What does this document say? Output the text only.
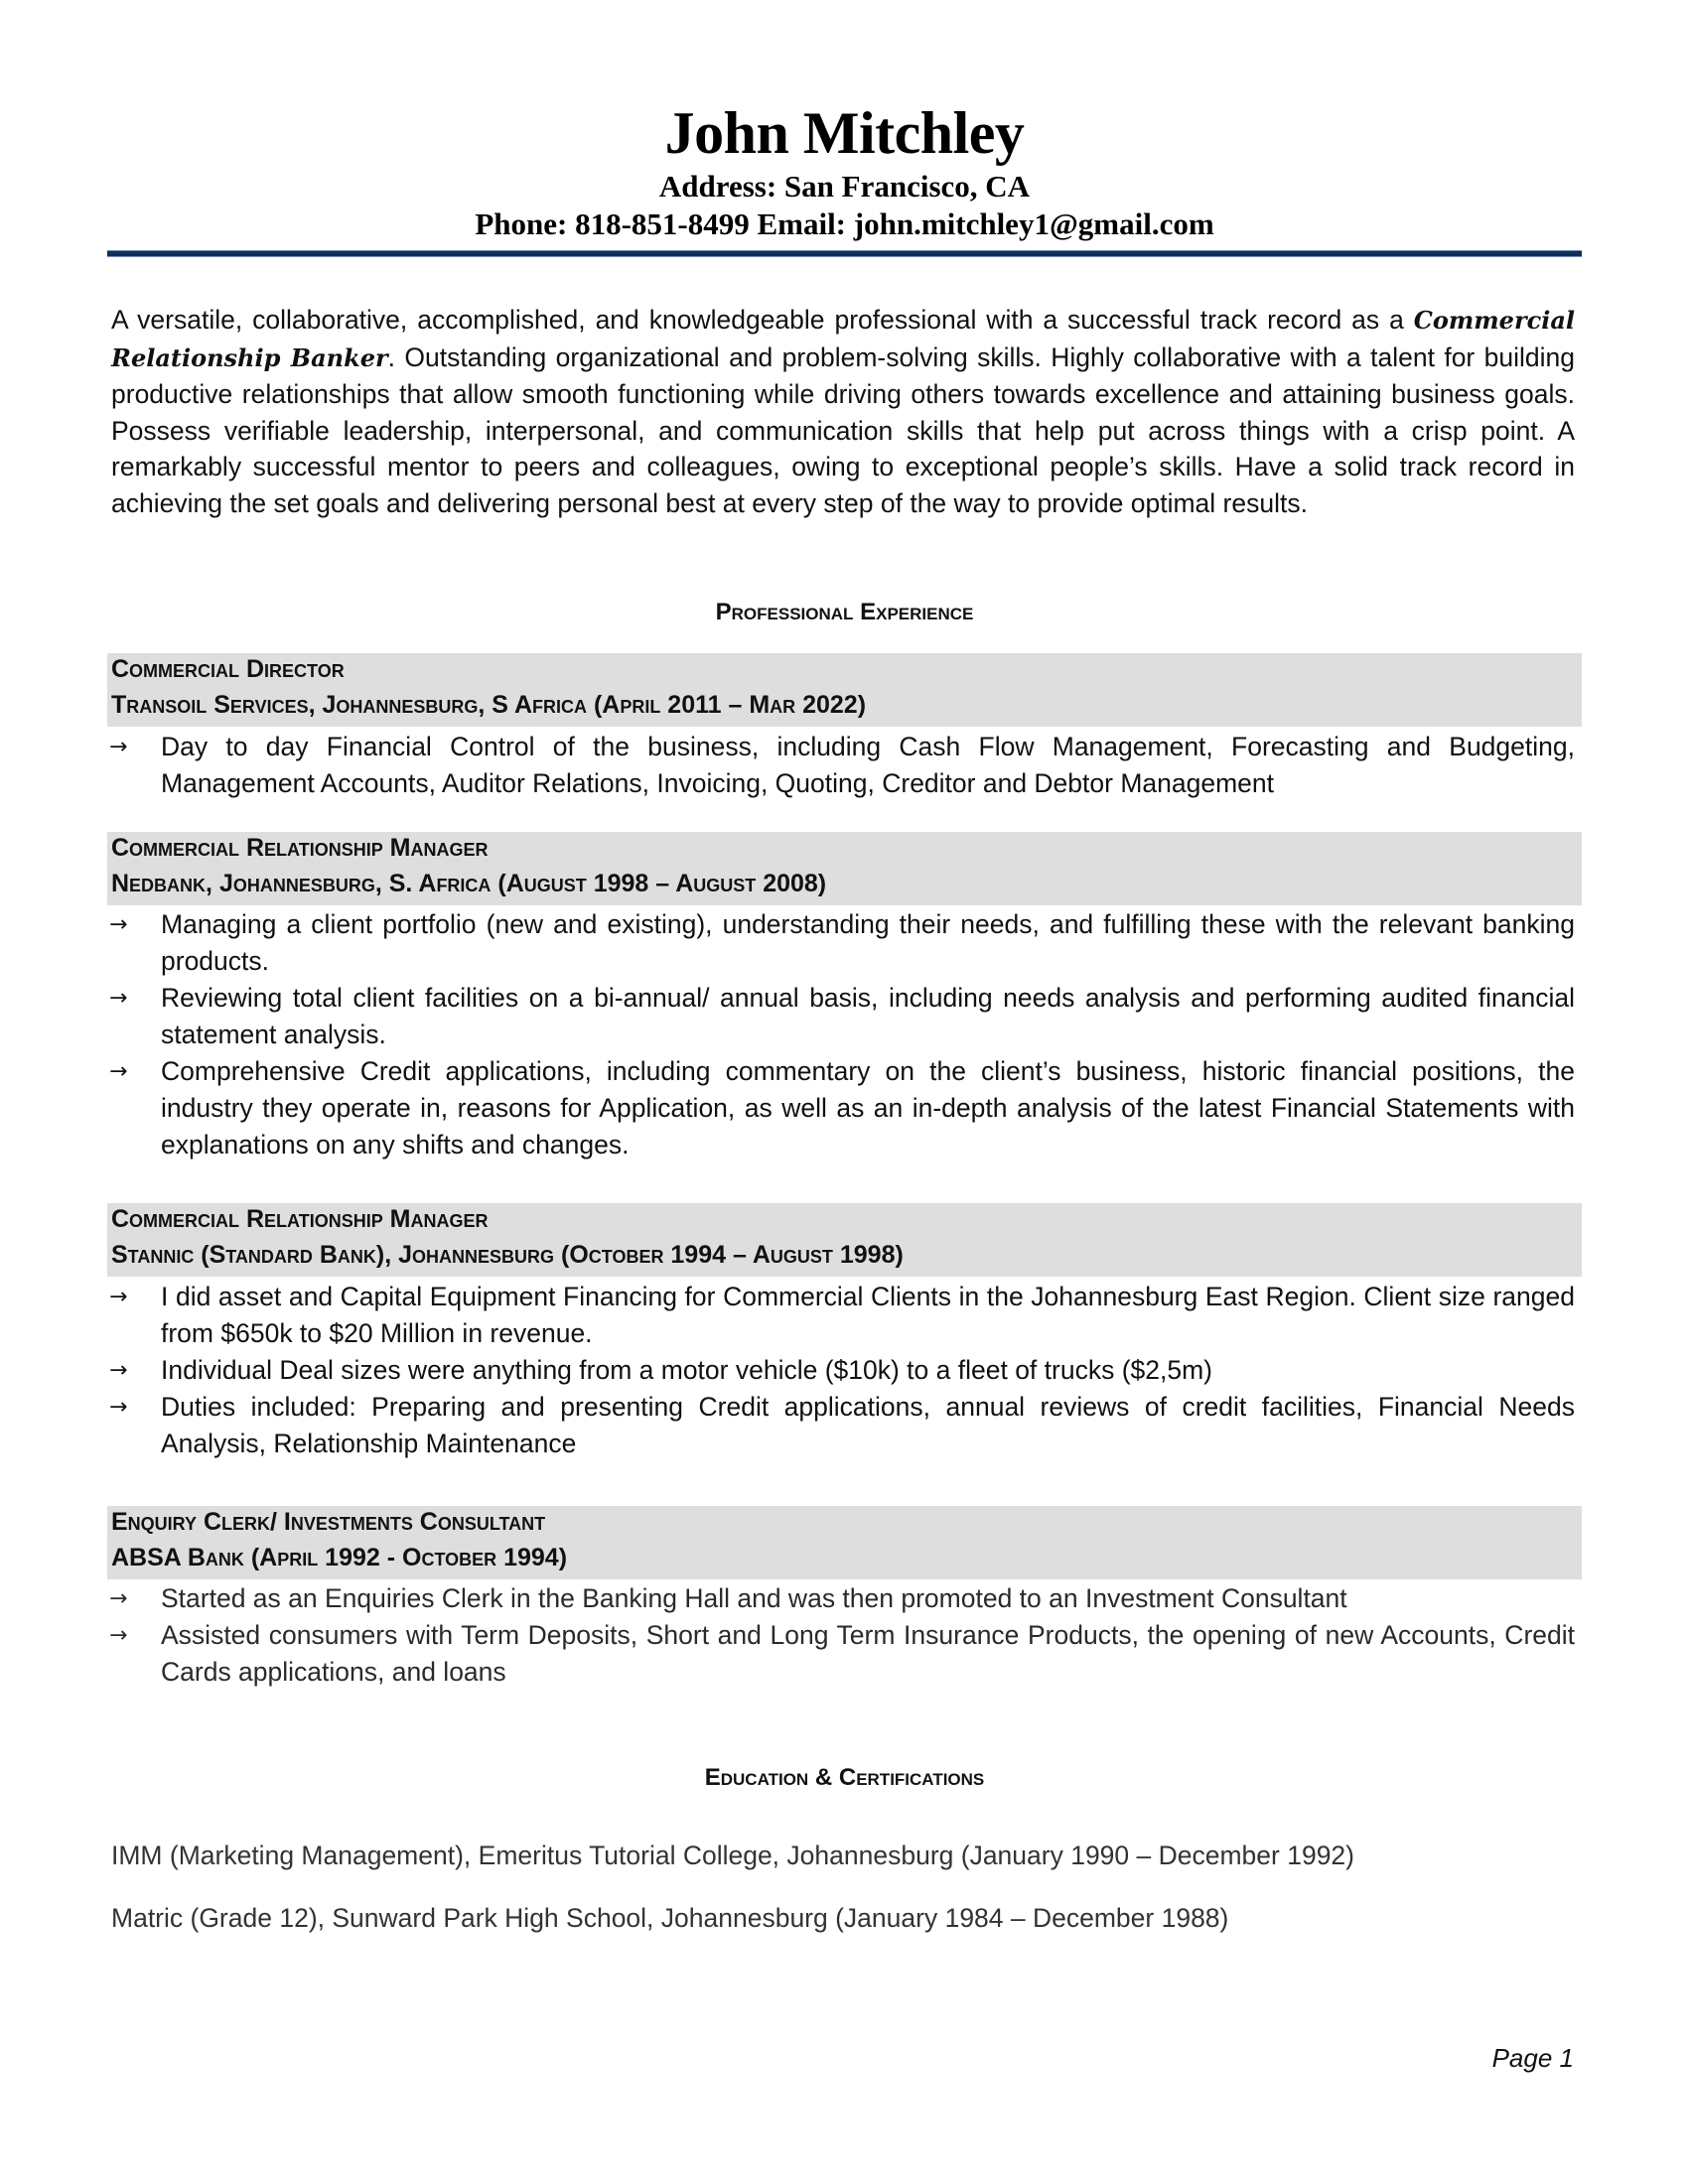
John Mitchley
Address: San Francisco, CA
Phone: 818-851-8499 Email: john.mitchley1@gmail.com
A versatile, collaborative, accomplished, and knowledgeable professional with a successful track record as a Commercial Relationship Banker. Outstanding organizational and problem-solving skills. Highly collaborative with a talent for building productive relationships that allow smooth functioning while driving others towards excellence and attaining business goals. Possess verifiable leadership, interpersonal, and communication skills that help put across things with a crisp point. A remarkably successful mentor to peers and colleagues, owing to exceptional people’s skills. Have a solid track record in achieving the set goals and delivering personal best at every step of the way to provide optimal results.
Professional Experience
Commercial Director
Transoil Services, Johannesburg, S Africa (April 2011 – Mar 2022)
→ Day to day Financial Control of the business, including Cash Flow Management, Forecasting and Budgeting, Management Accounts, Auditor Relations, Invoicing, Quoting, Creditor and Debtor Management
Commercial Relationship Manager
Nedbank, Johannesburg, S. Africa (August 1998 – August 2008)
→ Managing a client portfolio (new and existing), understanding their needs, and fulfilling these with the relevant banking products.
→ Reviewing total client facilities on a bi-annual/ annual basis, including needs analysis and performing audited financial statement analysis.
→ Comprehensive Credit applications, including commentary on the client’s business, historic financial positions, the industry they operate in, reasons for Application, as well as an in-depth analysis of the latest Financial Statements with explanations on any shifts and changes.
Commercial Relationship Manager
Stannic (Standard Bank), Johannesburg (October 1994 – August 1998)
→ I did asset and Capital Equipment Financing for Commercial Clients in the Johannesburg East Region. Client size ranged from $650k to $20 Million in revenue.
→ Individual Deal sizes were anything from a motor vehicle ($10k) to a fleet of trucks ($2,5m)
→ Duties included: Preparing and presenting Credit applications, annual reviews of credit facilities, Financial Needs Analysis, Relationship Maintenance
Enquiry Clerk/ Investments Consultant
ABSA Bank (April 1992 - October 1994)
→ Started as an Enquiries Clerk in the Banking Hall and was then promoted to an Investment Consultant
→ Assisted consumers with Term Deposits, Short and Long Term Insurance Products, the opening of new Accounts, Credit Cards applications, and loans
Education & Certifications
IMM (Marketing Management), Emeritus Tutorial College, Johannesburg (January 1990 – December 1992)
Matric (Grade 12), Sunward Park High School, Johannesburg (January 1984 – December 1988)
Page 1
